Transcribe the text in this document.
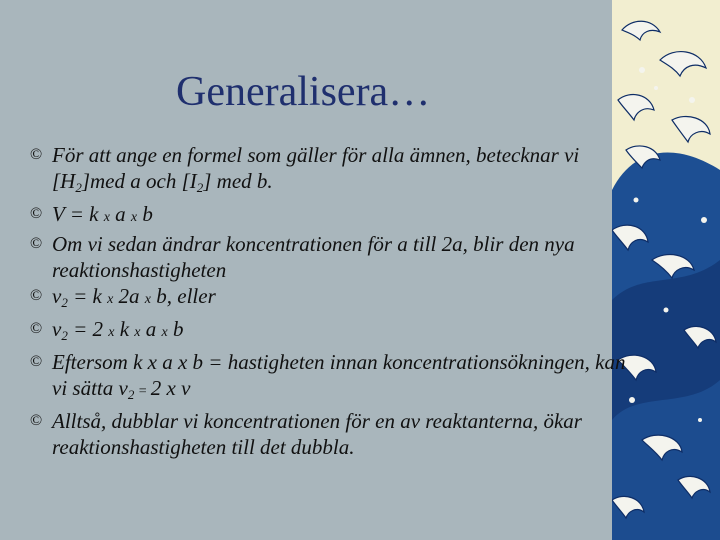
Generalisera…
© För att ange en formel som gäller för alla ämnen, betecknar vi $[H_2]med$ a och $[I_2]$ med b.
© V = k x a x b
© Om vi sedan ändrar koncentrationen för a till 2a, blir den nya reaktionshastigheten
© $v_2 = k$ x 2a x b, eller
© $v_2 = 2$ x k x a x b
© Eftersom k x a x b = hastigheten innan koncentrationsökningen, kan vi sätta $v_2 = 2$ x v
© Alltså, dubblar vi koncentrationen för en av reaktanterna, ökar reaktionshastigheten till det dubbla.
